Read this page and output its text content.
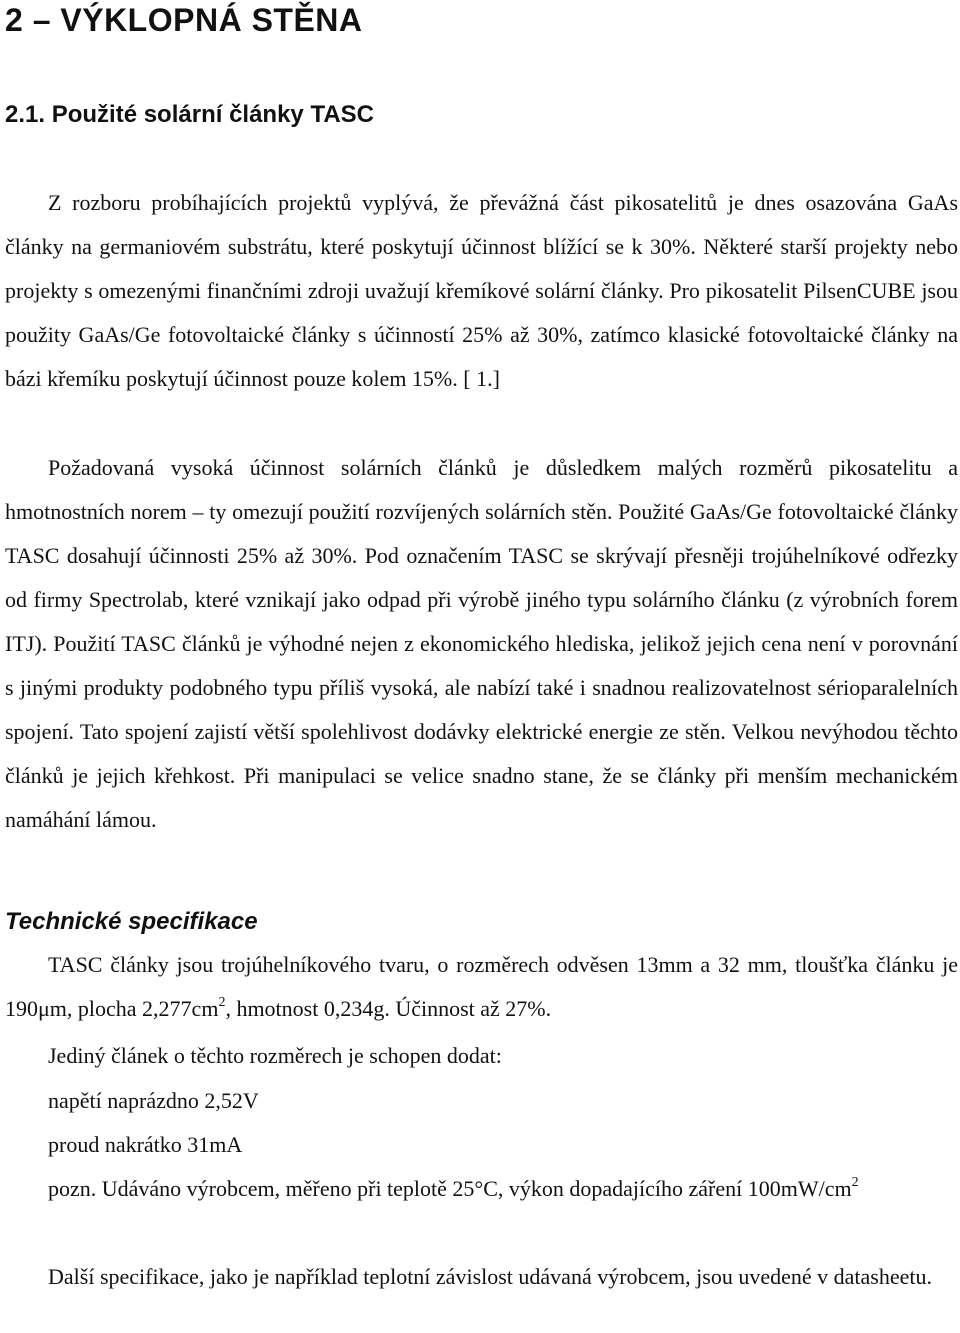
2 – VÝKLOPNÁ STĚNA
2.1. Použité solární články TASC

Z rozboru probíhajících projektů vyplývá, že převážná část pikosatelitů je dnes osazována GaAs články na germaniovém substrátu, které poskytují účinnost blížící se k 30%. Některé starší projekty nebo projekty s omezenými finančními zdroji uvažují křemíkové solární články. Pro pikosatelit PilsenCUBE jsou použity GaAs/Ge fotovoltaické články s účinností 25% až 30%, zatímco klasické fotovoltaické články na bázi křemíku poskytují účinnost pouze kolem 15%. [ 1.]

Požadovaná vysoká účinnost solárních článků je důsledkem malých rozměrů pikosatelitu a hmotnostních norem – ty omezují použití rozvíjených solárních stěn. Použité GaAs/Ge fotovoltaické články TASC dosahují účinnosti 25% až 30%. Pod označením TASC se skrývají přesněji trojúhelníkové odřezky od firmy Spectrolab, které vznikají jako odpad při výrobě jiného typu solárního článku (z výrobních forem ITJ). Použití TASC článků je výhodné nejen z ekonomického hlediska, jelikož jejich cena není v porovnání s jinými produkty podobného typu příliš vysoká, ale nabízí také i snadnou realizovatelnost sérioparalelních spojení. Tato spojení zajistí větší spolehlivost dodávky elektrické energie ze stěn. Velkou nevýhodou těchto článků je jejich křehkost. Při manipulaci se velice snadno stane, že se články při menším mechanickém namáhání lámou.

Technické specifikace

TASC články jsou trojúhelníkového tvaru, o rozměrech odvěsen 13mm a 32 mm, tloušťka článku je 190μm, plocha $2,277cm^2$, hmotnost 0,234g. Účinnost až 27%.

Jediný článek o těchto rozměrech je schopen dodat:

napětí naprázdno 2,52V

proud nakrátko 31mA

pozn. Udáváno výrobcem, měřeno při teplotě 25°C, výkon dopadajícího záření $100mW/cm^2$

Další specifikace, jako je například teplotní závislost udávaná výrobcem, jsou uvedené v datasheetu.
